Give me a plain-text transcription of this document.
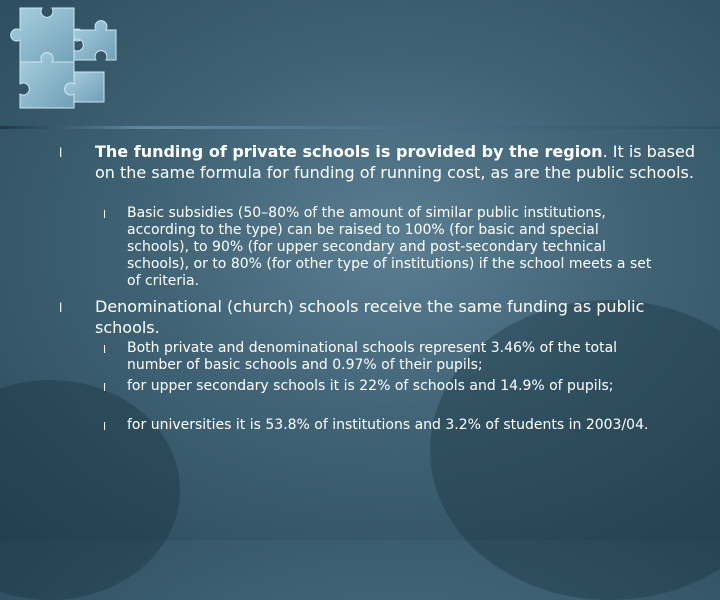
l The funding of private schools is provided by the region. It is based on the same formula for funding of running cost, as are the public schools.
l Basic subsidies (50–80% of the amount of similar public institutions, according to the type) can be raised to 100% (for basic and special schools), to 90% (for upper secondary and post-secondary technical schools), or to 80% (for other type of institutions) if the school meets a set of criteria.
l Denominational (church) schools receive the same funding as public schools.
l Both private and denominational schools represent 3.46% of the total number of basic schools and 0.97% of their pupils;
l for upper secondary schools it is 22% of schools and 14.9% of pupils;
l for universities it is 53.8% of institutions and 3.2% of students in 2003/04.
